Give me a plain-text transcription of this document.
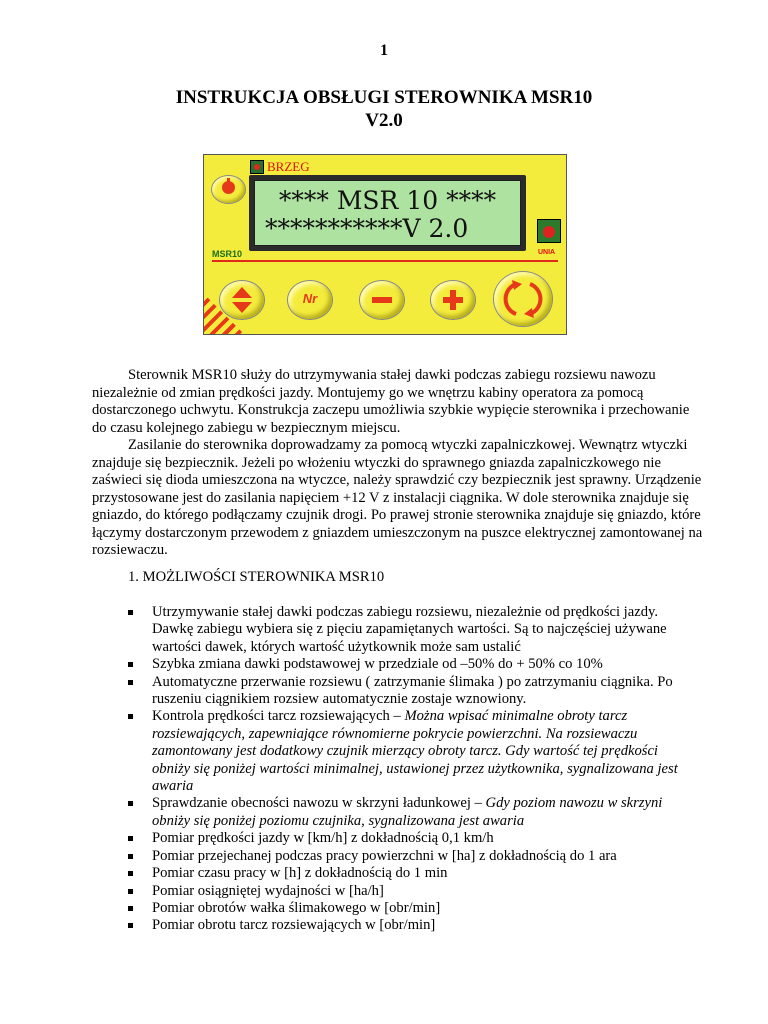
1
INSTRUKCJA OBSŁUGI STEROWNIKA MSR10
V2.0
BRZEG
**** MSR 10 ****
***********V 2.0
UNIA
MSR10
Nr

Sterownik MSR10 służy do utrzymywania stałej dawki podczas zabiegu rozsiewu nawozu niezależnie od zmian prędkości jazdy. Montujemy go we wnętrzu kabiny operatora za pomocą dostarczonego uchwytu. Konstrukcja zaczepu umożliwia szybkie wypięcie sterownika i przechowanie do czasu kolejnego zabiegu w bezpiecznym miejscu.

Zasilanie do sterownika doprowadzamy za pomocą wtyczki zapalniczkowej. Wewnątrz wtyczki znajduje się bezpiecznik. Jeżeli po włożeniu wtyczki do sprawnego gniazda zapalniczkowego nie zaświeci się dioda umieszczona na wtyczce, należy sprawdzić czy bezpiecznik jest sprawny. Urządzenie przystosowane jest do zasilania napięciem +12 V z instalacji ciągnika. W dole sterownika znajduje się gniazdo, do którego podłączamy czujnik drogi. Po prawej stronie sterownika znajduje się gniazdo, które łączymy dostarczonym przewodem z gniazdem umieszczonym na puszce elektrycznej zamontowanej na rozsiewaczu.

1. MOŻLIWOŚCI STEROWNIKA MSR10
Utrzymywanie stałej dawki podczas zabiegu rozsiewu, niezależnie od prędkości jazdy. Dawkę zabiegu wybiera się z pięciu zapamiętanych wartości. Są to najczęściej używane wartości dawek, których wartość użytkownik może sam ustalić
Szybka zmiana dawki podstawowej w przedziale od –50% do + 50% co 10%
Automatyczne przerwanie rozsiewu ( zatrzymanie ślimaka ) po zatrzymaniu ciągnika. Po ruszeniu ciągnikiem rozsiew automatycznie zostaje wznowiony.
Kontrola prędkości tarcz rozsiewających – Można wpisać minimalne obroty tarcz rozsiewających, zapewniające równomierne pokrycie powierzchni. Na rozsiewaczu zamontowany jest dodatkowy czujnik mierzący obroty tarcz. Gdy wartość tej prędkości obniży się poniżej wartości minimalnej, ustawionej przez użytkownika, sygnalizowana jest awaria
Sprawdzanie obecności nawozu w skrzyni ładunkowej – Gdy poziom nawozu w skrzyni obniży się poniżej poziomu czujnika, sygnalizowana jest awaria
Pomiar prędkości jazdy w [km/h] z dokładnością 0,1 km/h
Pomiar przejechanej podczas pracy powierzchni w [ha] z dokładnością do 1 ara
Pomiar czasu pracy w [h] z dokładnością do 1 min
Pomiar osiągniętej wydajności w [ha/h]
Pomiar obrotów wałka ślimakowego w [obr/min]
Pomiar obrotu tarcz rozsiewających w [obr/min]
